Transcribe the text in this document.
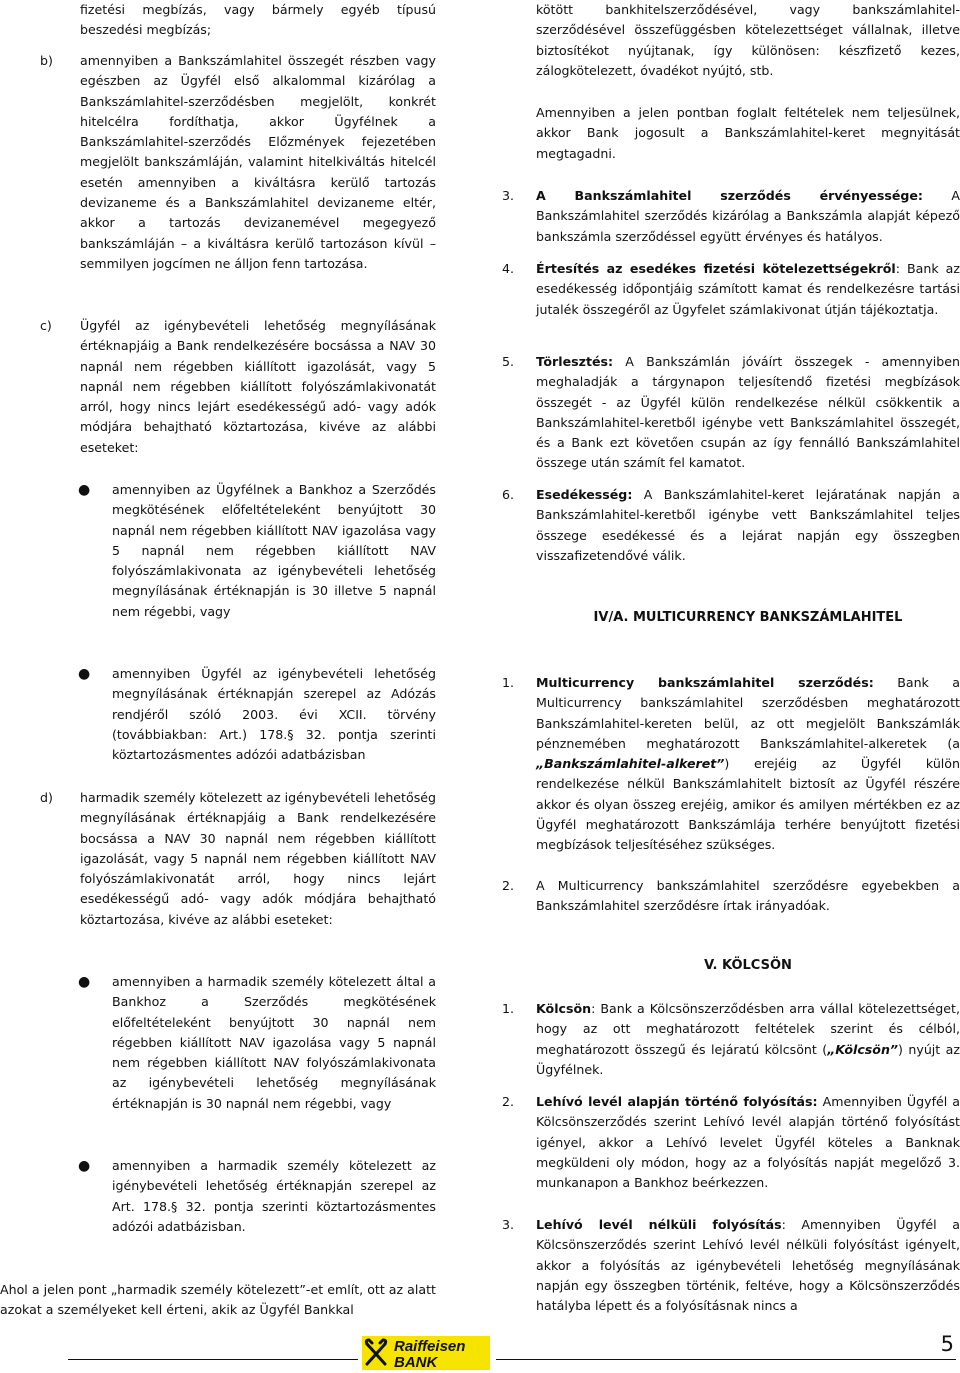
fizetési megbízás, vagy bármely egyéb típusú beszedési megbízás;

b) amennyiben a Bankszámlahitel összegét részben vagy egészben az Ügyfél első alkalommal kizárólag a Bankszámlahitel-szerződésben megjelölt, konkrét hitelcélra fordíthatja, akkor Ügyfélnek a Bankszámlahitel-szerződés Előzmények fejezetében megjelölt bankszámláján, valamint hitelkiváltás hitelcél esetén amennyiben a kiváltásra kerülő tartozás devizaneme és a Bankszámlahitel devizaneme eltér, akkor a tartozás devizanemével megegyező bankszámláján – a kiváltásra kerülő tartozáson kívül – semmilyen jogcímen ne álljon fenn tartozása.

c) Ügyfél az igénybevételi lehetőség megnyílásának értéknapjáig a Bank rendelkezésére bocsássa a NAV 30 napnál nem régebben kiállított igazolását, vagy 5 napnál nem régebben kiállított folyószámlakivonatát arról, hogy nincs lejárt esedékességű adó- vagy adók módjára behajtható köztartozása, kivéve az alábbi eseteket:

● amennyiben az Ügyfélnek a Bankhoz a Szerződés megkötésének előfeltételeként benyújtott 30 napnál nem régebben kiállított NAV igazolása vagy 5 napnál nem régebben kiállított NAV folyószámlakivonata az igénybevételi lehetőség megnyílásának értéknapján is 30 illetve 5 napnál nem régebbi, vagy

● amennyiben Ügyfél az igénybevételi lehetőség megnyílásának értéknapján szerepel az Adózás rendjéről szóló 2003. évi XCII. törvény (továbbiakban: Art.) 178.§ 32. pontja szerinti köztartozásmentes adózói adatbázisban

d) harmadik személy kötelezett az igénybevételi lehetőség megnyílásának értéknapjáig a Bank rendelkezésére bocsássa a NAV 30 napnál nem régebben kiállított igazolását, vagy 5 napnál nem régebben kiállított NAV folyószámlakivonatát arról, hogy nincs lejárt esedékességű adó- vagy adók módjára behajtható köztartozása, kivéve az alábbi eseteket:

● amennyiben a harmadik személy kötelezett által a Bankhoz a Szerződés megkötésének előfeltételeként benyújtott 30 napnál nem régebben kiállított NAV igazolása vagy 5 napnál nem régebben kiállított NAV folyószámlakivonata az igénybevételi lehetőség megnyílásának értéknapján is 30 napnál nem régebbi, vagy

● amennyiben a harmadik személy kötelezett az igénybevételi lehetőség értéknapján szerepel az Art. 178.§ 32. pontja szerinti köztartozásmentes adózói adatbázisban.

Ahol a jelen pont „harmadik személy kötelezett”-et említ, ott az alatt azokat a személyeket kell érteni, akik az Ügyfél Bankkal

kötött bankhitelszerződésével, vagy bankszámlahitel-szerződésével összefüggésben kötelezettséget vállalnak, illetve biztosítékot nyújtanak, így különösen: készfizető kezes, zálogkötelezett, óvadékot nyújtó, stb.

Amennyiben a jelen pontban foglalt feltételek nem teljesülnek, akkor Bank jogosult a Bankszámlahitel-keret megnyitását megtagadni.

3. A Bankszámlahitel szerződés érvényessége: A Bankszámlahitel szerződés kizárólag a Bankszámla alapját képező bankszámla szerződéssel együtt érvényes és hatályos.

4. Értesítés az esedékes fizetési kötelezettségekről: Bank az esedékesség időpontjáig számított kamat és rendelkezésre tartási jutalék összegéről az Ügyfelet számlakivonat útján tájékoztatja.

5. Törlesztés: A Bankszámlán jóváírt összegek - amennyiben meghaladják a tárgynapon teljesítendő fizetési megbízások összegét - az Ügyfél külön rendelkezése nélkül csökkentik a Bankszámlahitel-keretből igénybe vett Bankszámlahitel összegét, és a Bank ezt követően csupán az így fennálló Bankszámlahitel összege után számít fel kamatot.

6. Esedékesség: A Bankszámlahitel-keret lejáratának napján a Bankszámlahitel-keretből igénybe vett Bankszámlahitel teljes összege esedékessé és a lejárat napján egy összegben visszafizetendővé válik.

IV/A. MULTICURRENCY BANKSZÁMLAHITEL

1. Multicurrency bankszámlahitel szerződés: Bank a Multicurrency bankszámlahitel szerződésben meghatározott Bankszámlahitel-kereten belül, az ott megjelölt Bankszámlák pénznemében meghatározott Bankszámlahitel-alkeretek (a „Bankszámlahitel-alkeret”) erejéig az Ügyfél külön rendelkezése nélkül Bankszámlahitelt biztosít az Ügyfél részére akkor és olyan összeg erejéig, amikor és amilyen mértékben ez az Ügyfél meghatározott Bankszámlája terhére benyújtott fizetési megbízások teljesítéséhez szükséges.

2. A Multicurrency bankszámlahitel szerződésre egyebekben a Bankszámlahitel szerződésre írtak irányadóak.

V. KÖLCSÖN

1. Kölcsön: Bank a Kölcsönszerződésben arra vállal kötelezettséget, hogy az ott meghatározott feltételek szerint és célból, meghatározott összegű és lejáratú kölcsönt („Kölcsön”) nyújt az Ügyfélnek.

2. Lehívó levél alapján történő folyósítás: Amennyiben Ügyfél a Kölcsönszerződés szerint Lehívó levél alapján történő folyósítást igényel, akkor a Lehívó levelet Ügyfél köteles a Banknak megküldeni oly módon, hogy az a folyósítás napját megelőző 3. munkanapon a Bankhoz beérkezzen.

3. Lehívó levél nélküli folyósítás: Amennyiben Ügyfél a Kölcsönszerződés szerint Lehívó levél nélküli folyósítást igényelt, akkor a folyósítás az igénybevételi lehetőség megnyílásának napján egy összegben történik, feltéve, hogy a Kölcsönszerződés hatályba lépett és a folyósításnak nincs a

Raiffeisen
BANK
5
